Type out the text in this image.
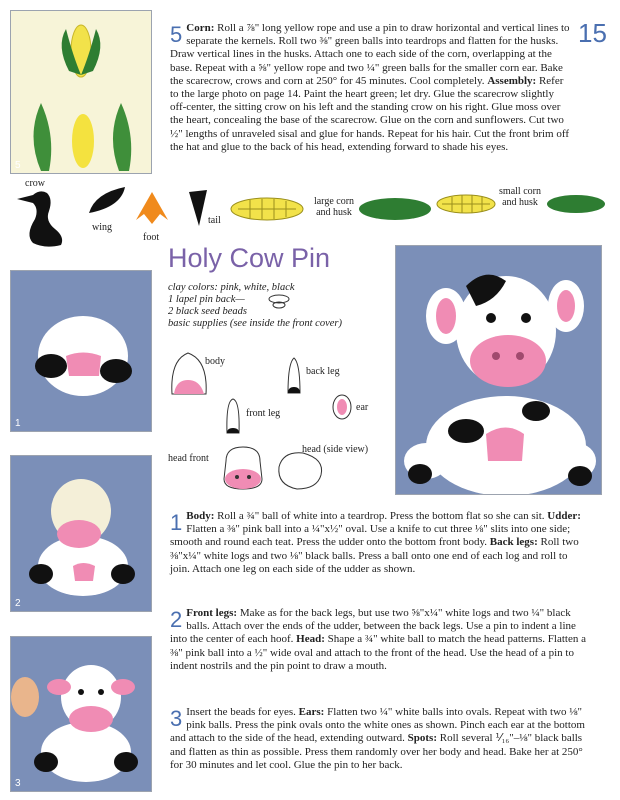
15
5
5 Corn: Roll a ⅞" long yellow rope and use a pin to draw horizontal and vertical lines to separate the kernels. Roll two ⅜" green balls into teardrops and flatten for the husks. Draw vertical lines in the husks. Attach one to each side of the corn, overlapping at the base. Repeat with a ⅝" yellow rope and two ¼" green balls for the smaller corn ear. Bake the scarecrow, crows and corn at 250° for 45 minutes. Cool completely. Assembly: Refer to the large photo on page 14. Paint the heart green; let dry. Glue the scarecrow slightly off-center, the sitting crow on his left and the standing crow on his right. Glue moss over the heart, concealing the base of the scarecrow. Glue on the corn and sunflowers. Cut two ½" lengths of unraveled sisal and glue for hands. Repeat for his hair. Cut the front brim off the hat and glue to the back of his head, extending forward to shade his eyes.
crow
wing
foot
tail
large corn and husk
small corn and husk
Holy Cow Pin
clay colors: pink, white, black
1 lapel pin back—
2 black seed beads
basic supplies (see inside the front cover)
body
back leg
front leg
ear
head front
head (side view)
actual height 1"
1
2
3
1 Body: Roll a ¾" ball of white into a teardrop. Press the bottom flat so she can sit. Udder: Flatten a ⅜" pink ball into a ¼"x½" oval. Use a knife to cut three ⅛" slits into one side; smooth and round each teat. Press the udder onto the bottom front body. Back legs: Roll two ⅜"x¼" white logs and two ⅛" black balls. Press a ball onto one end of each log and roll to join. Attach one leg on each side of the udder as shown.
2 Front legs: Make as for the back legs, but use two ⅝"x¼" white logs and two ¼" black balls. Attach over the ends of the udder, between the back legs. Use a pin to indent a line into the center of each hoof. Head: Shape a ¾" white ball to match the head patterns. Flatten a ⅜" pink ball into a ½" wide oval and attach to the front of the head. Use the head of a pin to indent nostrils and the pin point to draw a mouth.
3 Insert the beads for eyes. Ears: Flatten two ¼" white balls into ovals. Repeat with two ⅛" pink balls. Press the pink ovals onto the white ones as shown. Pinch each ear at the bottom and attach to the side of the head, extending outward. Spots: Roll several ⅟₁₆"–⅛" black balls and flatten as thin as possible. Press them randomly over her body and head. Bake her at 250° for 30 minutes and let cool. Glue the pin to her back.
